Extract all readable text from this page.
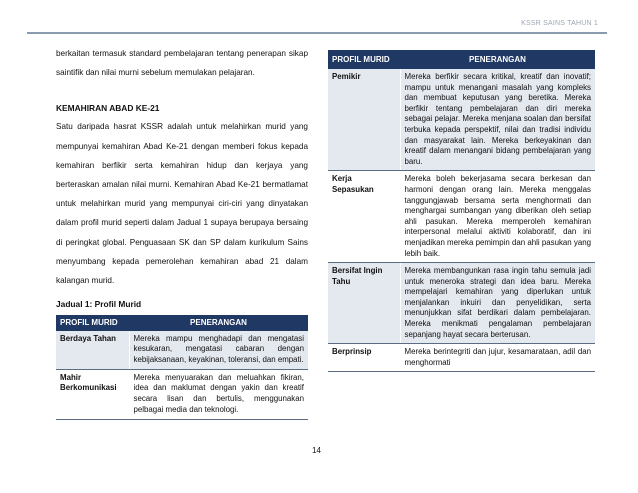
KSSR SAINS TAHUN 1

berkaitan termasuk standard pembelajaran tentang penerapan sikap saintifik dan nilai murni sebelum memulakan pelajaran.

KEMAHIRAN ABAD KE-21

Satu daripada hasrat KSSR adalah untuk melahirkan murid yang mempunyai kemahiran Abad Ke-21 dengan memberi fokus kepada kemahiran berfikir serta kemahiran hidup dan kerjaya yang berteraskan amalan nilai murni. Kemahiran Abad Ke-21 bermatlamat untuk melahirkan murid yang mempunyai ciri-ciri yang dinyatakan dalam profil murid seperti dalam Jadual 1 supaya berupaya bersaing di peringkat global. Penguasaan SK dan SP dalam kurikulum Sains menyumbang kepada pemerolehan kemahiran abad 21 dalam kalangan murid.

Jadual 1: Profil Murid

PROFIL MURID	PENERANGAN
Berdaya Tahan	Mereka mampu menghadapi dan mengatasi kesukaran, mengatasi cabaran dengan kebijaksanaan, keyakinan, toleransi, dan empati.
Mahir Berkomunikasi	Mereka menyuarakan dan meluahkan fikiran, idea dan maklumat dengan yakin dan kreatif secara lisan dan bertulis, menggunakan pelbagai media dan teknologi.
PROFIL MURID	PENERANGAN
Pemikir	Mereka berfikir secara kritikal, kreatif dan inovatif; mampu untuk menangani masalah yang kompleks dan membuat keputusan yang beretika. Mereka berfikir tentang pembelajaran dan diri mereka sebagai pelajar. Mereka menjana soalan dan bersifat terbuka kepada perspektif, nilai dan tradisi individu dan masyarakat lain. Mereka berkeyakinan dan kreatif dalam menangani bidang pembelajaran yang baru.
Kerja Sepasukan	Mereka boleh bekerjasama secara berkesan dan harmoni dengan orang lain. Mereka menggalas tanggungjawab bersama serta menghormati dan menghargai sumbangan yang diberikan oleh setiap ahli pasukan. Mereka memperoleh kemahiran interpersonal melalui aktiviti kolaboratif, dan ini menjadikan mereka pemimpin dan ahli pasukan yang lebih baik.
Bersifat Ingin Tahu	Mereka membangunkan rasa ingin tahu semula jadi untuk meneroka strategi dan idea baru. Mereka mempelajari kemahiran yang diperlukan untuk menjalankan inkuiri dan penyelidikan, serta menunjukkan sifat berdikari dalam pembelajaran. Mereka menikmati pengalaman pembelajaran sepanjang hayat secara berterusan.
Berprinsip	Mereka berintegriti dan jujur, kesamarataan, adil dan menghormati
14
